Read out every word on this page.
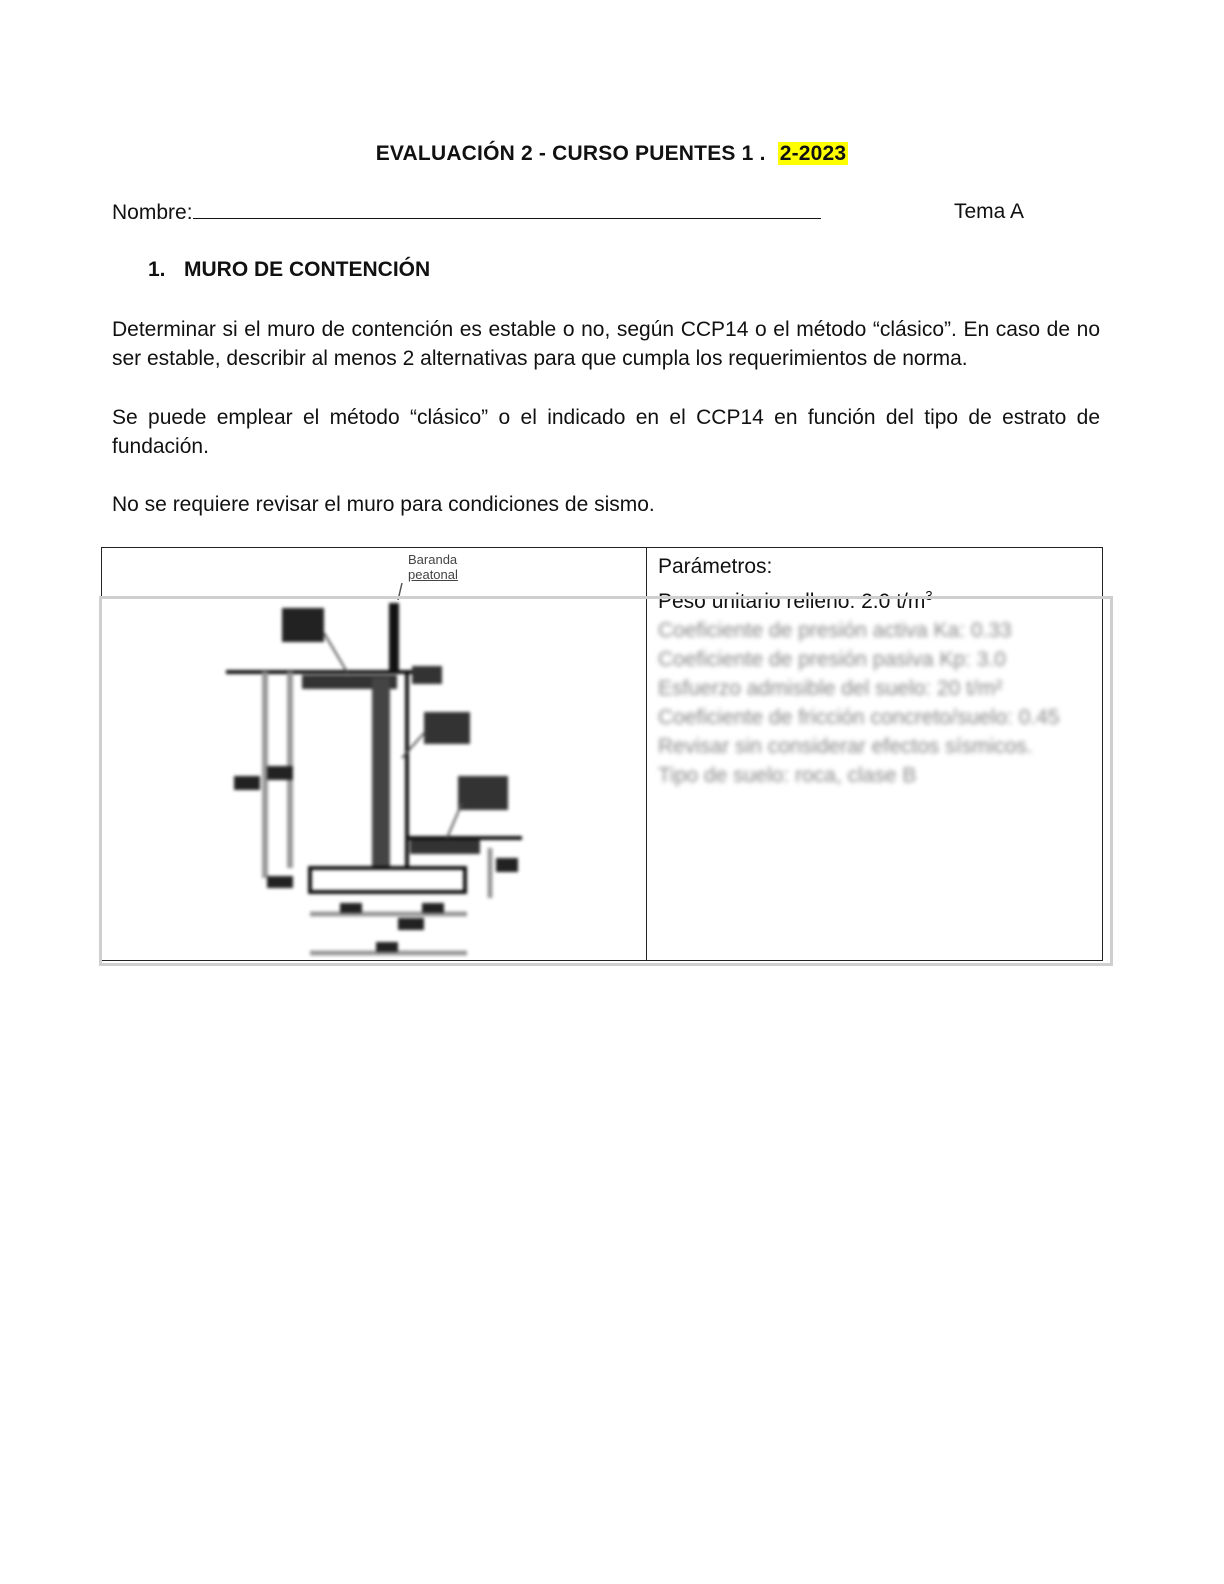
EVALUACIÓN 2 - CURSO PUENTES 1 . 2-2023
Nombre:	Tema A
1. MURO DE CONTENCIÓN
Determinar si el muro de contención es estable o no, según CCP14 o el método “clásico”. En caso de no ser estable, describir al menos 2 alternativas para que cumpla los requerimientos de norma.
Se puede emplear el método “clásico” o el indicado en el CCP14 en función del tipo de estrato de fundación.
No se requiere revisar el muro para condiciones de sismo.
Baranda
peatonal	Parámetros:
Peso unitario relleno: 2.0 $t/m^3$
Coeficiente de presión activa Ka: 0.33
Coeficiente de presión pasiva Kp: 3.0
Esfuerzo admisible del suelo: 20 t/m²
Coeficiente de fricción concreto/suelo: 0.45
Revisar sin considerar efectos sísmicos.
Tipo de suelo: roca, clase B
